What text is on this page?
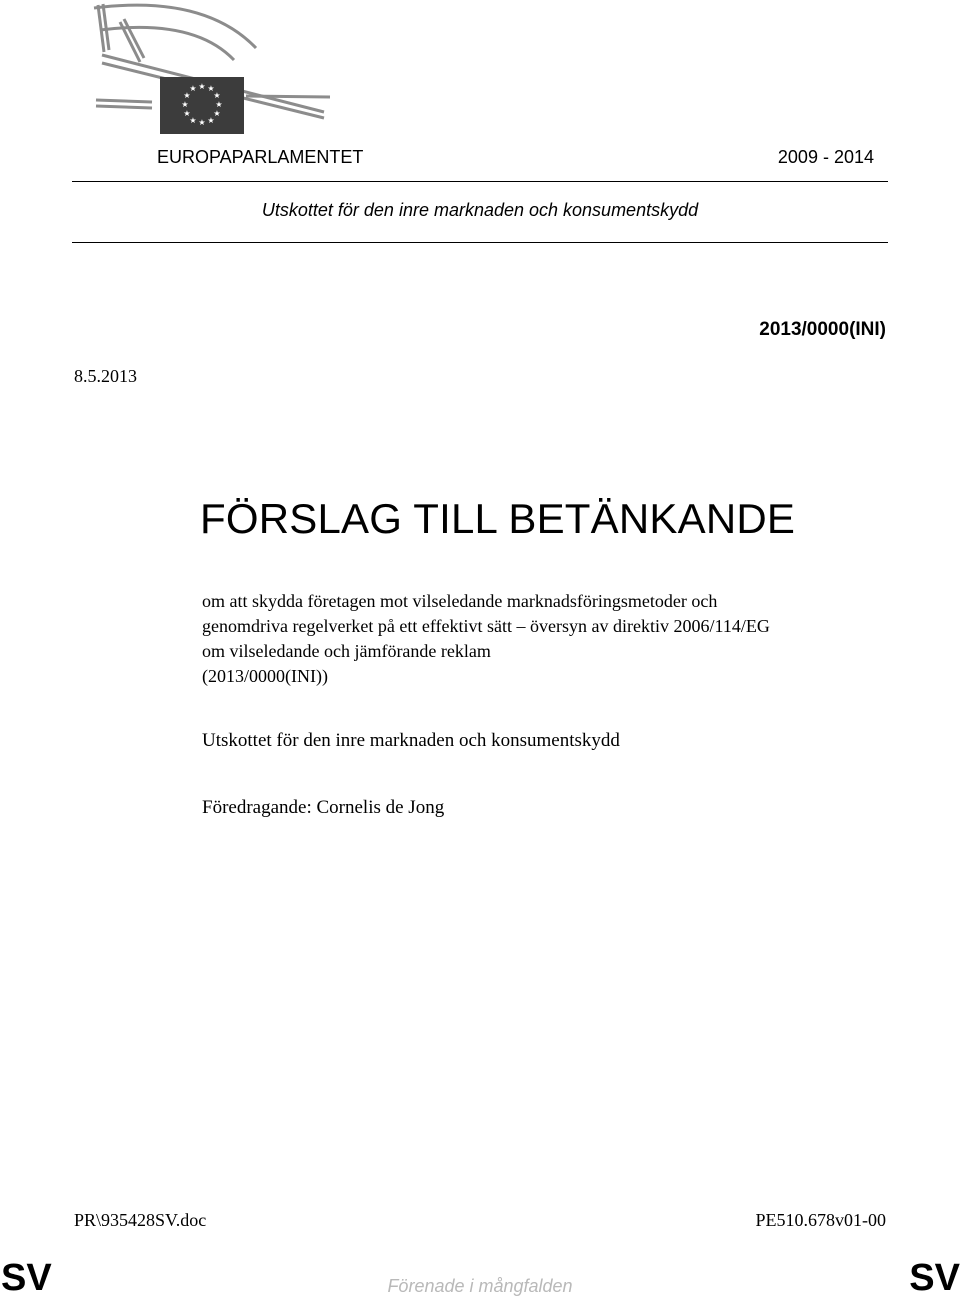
★ ★
★
★
★
★
★
★
★
★
★
★
EUROPAPARLAMENTET	2009 - 2014
Utskottet för den inre marknaden och konsumentskydd
2013/0000(INI)
8.5.2013
FÖRSLAG TILL BETÄNKANDE
om att skydda företagen mot vilseledande marknadsföringsmetoder och
genomdriva regelverket på ett effektivt sätt – översyn av direktiv 2006/114/EG
om vilseledande och jämförande reklam
(2013/0000(INI))
Utskottet för den inre marknaden och konsumentskydd
Föredragande: Cornelis de Jong
PR\935428SV.doc	PE510.678v01-00
SV	Förenade i mångfalden	SV
